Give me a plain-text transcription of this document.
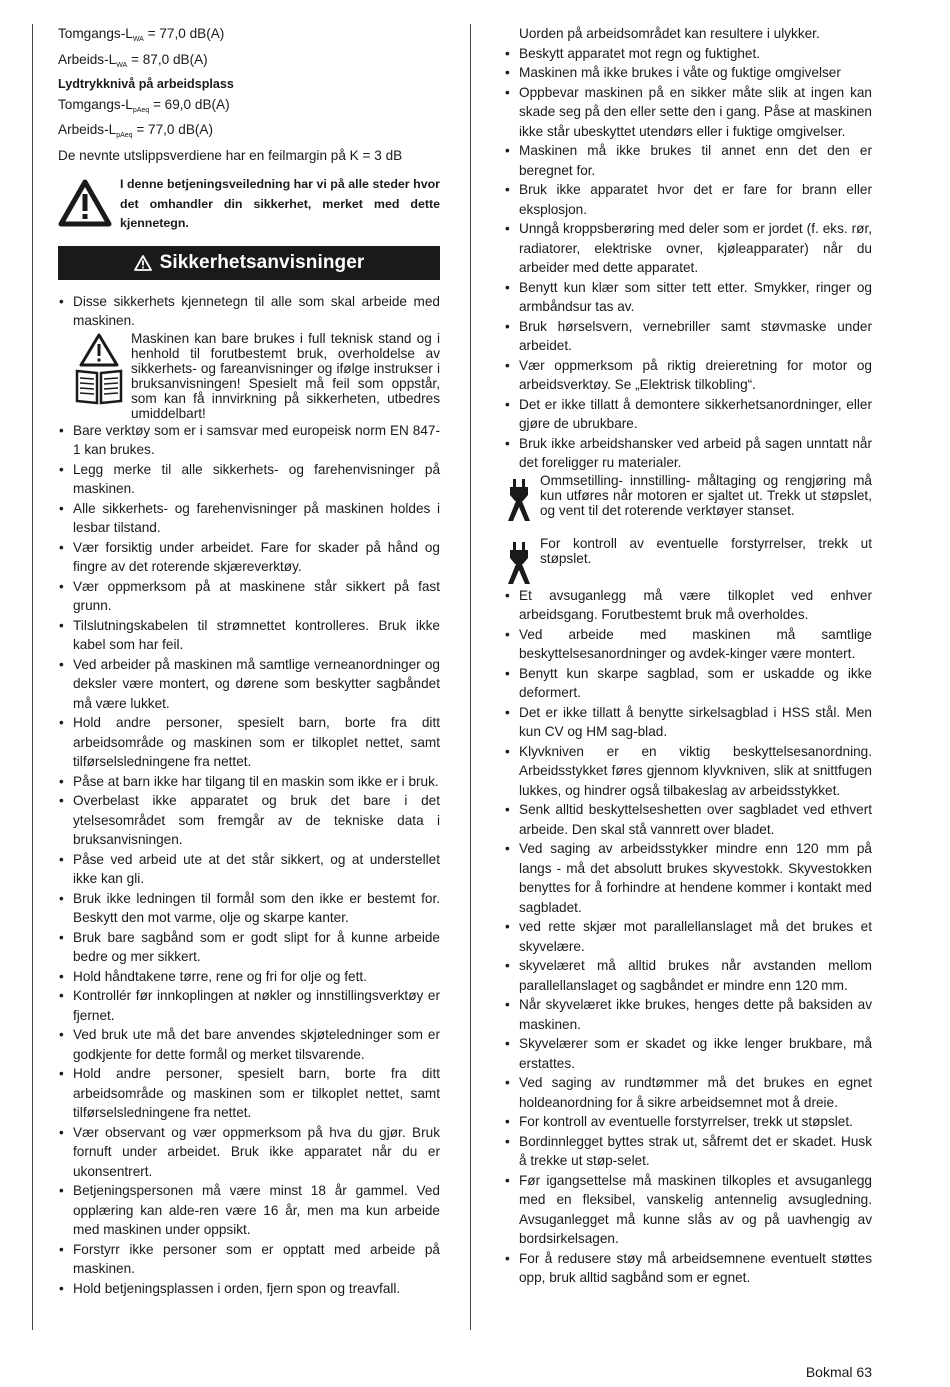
Tomgangs-$L_{WA} = 77,0$ dB(A)

Arbeids-$L_{WA} = 87,0$ dB(A)

Lydtrykknivå på arbeidsplass

Tomgangs-$L_{pAeq} = 69,0$ dB(A)

Arbeids-$L_{pAeq} = 77,0$ dB(A)

De nevnte utslippsverdiene har en feilmargin på K = 3 dB

I denne betjeningsveiledning har vi på alle steder hvor det omhandler din sikkerhet, merket med dette kjennetegn.

Sikkerhetsanvisninger
• Disse sikkerhets kjennetegn til alle som skal arbeide med maskinen.
Maskinen kan bare brukes i full teknisk stand og i henhold til forutbestemt bruk, overholdelse av sikkerhets- og fareanvisninger og ifølge instrukser i bruksanvisningen! Spesielt må feil som oppstår, som kan få innvirkning på sikkerheten, utbedres umiddelbart!
• Bare verktøy som er i samsvar med europeisk norm EN 847-1 kan brukes.
• Legg merke til alle sikkerhets- og farehenvisninger på maskinen.
• Alle sikkerhets- og farehenvisninger på maskinen holdes i lesbar tilstand.
• Vær forsiktig under arbeidet. Fare for skader på hånd og fingre av det roterende skjæreverktøy.
• Vær oppmerksom på at maskinene står sikkert på fast grunn.
• Tilslutningskabelen til strømnettet kontrolleres. Bruk ikke kabel som har feil.
• Ved arbeider på maskinen må samtlige verneanordninger og deksler være montert, og dørene som beskytter sagbåndet må være lukket.
• Hold andre personer, spesielt barn, borte fra ditt arbeidsområde og maskinen som er tilkoplet nettet, samt tilførselsledningene fra nettet.
• Påse at barn ikke har tilgang til en maskin som ikke er i bruk.
• Overbelast ikke apparatet og bruk det bare i det ytelsesområdet som fremgår av de tekniske data i bruksanvisningen.
• Påse ved arbeid ute at det står sikkert, og at understellet ikke kan gli.
• Bruk ikke ledningen til formål som den ikke er bestemt for. Beskytt den mot varme, olje og skarpe kanter.
• Bruk bare sagbånd som er godt slipt for å kunne arbeide bedre og mer sikkert.
• Hold håndtakene tørre, rene og fri for olje og fett.
• Kontrollér før innkoplingen at nøkler og innstillingsverktøy er fjernet.
• Ved bruk ute må det bare anvendes skjøteledninger som er godkjente for dette formål og merket tilsvarende.
• Hold andre personer, spesielt barn, borte fra ditt arbeidsområde og maskinen som er tilkoplet nettet, samt tilførselsledningene fra nettet.
• Vær observant og vær oppmerksom på hva du gjør. Bruk fornuft under arbeidet. Bruk ikke apparatet når du er ukonsentrert.
• Betjeningspersonen må være minst 18 år gammel. Ved opplæring kan alde-ren være 16 år, men ma kun arbeide med maskinen under oppsikt.
• Forstyrr ikke personer som er opptatt med arbeide på maskinen.
• Hold betjeningsplassen i orden, fjern spon og treavfall.

Uorden på arbeidsområdet kan resultere i ulykker.

• Beskytt apparatet mot regn og fuktighet.
• Maskinen må ikke brukes i våte og fuktige omgivelser
• Oppbevar maskinen på en sikker måte slik at ingen kan skade seg på den eller sette den i gang. Påse at maskinen ikke står ubeskyttet utendørs eller i fuktige omgivelser.
• Maskinen må ikke brukes til annet enn det den er beregnet for.
• Bruk ikke apparatet hvor det er fare for brann eller eksplosjon.
• Unngå kroppsberøring med deler som er jordet (f. eks. rør, radiatorer, elektriske ovner, kjøleapparater) når du arbeider med dette apparatet.
• Benytt kun klær som sitter tett etter. Smykker, ringer og armbåndsur tas av.
• Bruk hørselsvern, vernebriller samt støvmaske under arbeidet.
• Vær oppmerksom på riktig dreieretning for motor og arbeidsverktøy. Se „Elektrisk tilkobling“.
• Det er ikke tillatt å demontere sikkerhetsanordninger, eller gjøre de ubrukbare.
• Bruk ikke arbeidshansker ved arbeid på sagen unntatt når det foreligger ru materialer.
Ommsetilling- innstilling- måltaging og rengjøring må kun utføres når motoren er sjaltet ut. Trekk ut støpslet, og vent til det roterende verktøyer stanset.
For kontroll av eventuelle forstyrrelser, trekk ut støpslet.
• Et avsuganlegg må være tilkoplet ved enhver arbeidsgang. Forutbestemt bruk må overholdes.
• Ved arbeide med maskinen må samtlige beskyttelsesanordninger og avdek-kinger være montert.
• Benytt kun skarpe sagblad, som er uskadde og ikke deformert.
• Det er ikke tillatt å benytte sirkelsagblad i HSS stål. Men kun CV og HM sag-blad.
• Klyvkniven er en viktig beskyttelsesanordning. Arbeidsstykket føres gjennom klyvkniven, slik at snittfugen lukkes, og hindrer også tilbakeslag av arbeidsstykket.
• Senk alltid beskyttelseshetten over sagbladet ved ethvert arbeide. Den skal stå vannrett over bladet.
• Ved saging av arbeidsstykker mindre enn 120 mm på langs - må det absolutt brukes skyvestokk. Skyvestokken benyttes for å forhindre at hendene kommer i kontakt med sagbladet.
• ved rette skjær mot parallellanslaget må det brukes et skyvelære.
• skyvelæret må alltid brukes når avstanden mellom parallellanslaget og sagbåndet er mindre enn 120 mm.
• Når skyvelæret ikke brukes, henges dette på baksiden av maskinen.
• Skyvelærer som er skadet og ikke lenger brukbare, må erstattes.
• Ved saging av rundtømmer må det brukes en egnet holdeanordning for å sikre arbeidsemnet mot å dreie.
• For kontroll av eventuelle forstyrrelser, trekk ut støpslet.
• Bordinnlegget byttes strak ut, såfremt det er skadet. Husk å trekke ut støp-selet.
• Før igangsettelse må maskinen tilkoples et avsuganlegg med en fleksibel, vanskelig antennelig avsugledning. Avsuganlegget må kunne slås av og på uavhengig av bordsirkelsagen.
• For å redusere støy må arbeidsemnene eventuelt støttes opp, bruk alltid sagbånd som er egnet.
Bokmal 63
